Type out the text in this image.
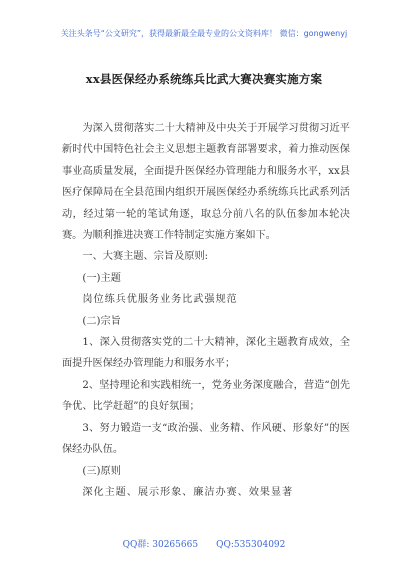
关注头条号“公文研究”，获得最新最全最专业的公文资料库！ 微信：gongwenyj
xx县医保经办系统练兵比武大赛决赛实施方案

为深入贯彻落实二十大精神及中央关于开展学习贯彻习近平新时代中国特色社会主义思想主题教育部署要求，着力推动医保事业高质量发展，全面提升医保经办管理能力和服务水平，xx县医疗保障局在全县范围内组织开展医保经办系统练兵比武系列活动，经过第一轮的笔试角逐，取总分前八名的队伍参加本轮决赛。为顺利推进决赛工作特制定实施方案如下。

一、大赛主题、宗旨及原则:

(一)主题

岗位练兵优服务业务比武强规范

(二)宗旨

1、深入贯彻落实党的二十大精神，深化主题教育成效，全面提升医保经办管理能力和服务水平；

2、坚持理论和实践相统一，党务业务深度融合，营造“创先争优、比学赶超”的良好氛围；

3、努力锻造一支“政治强、业务精、作风硬、形象好”的医保经办队伍。

(三)原则

深化主题、展示形象、廉洁办赛、效果显著

QQ群: 30265665 QQ:535304092
